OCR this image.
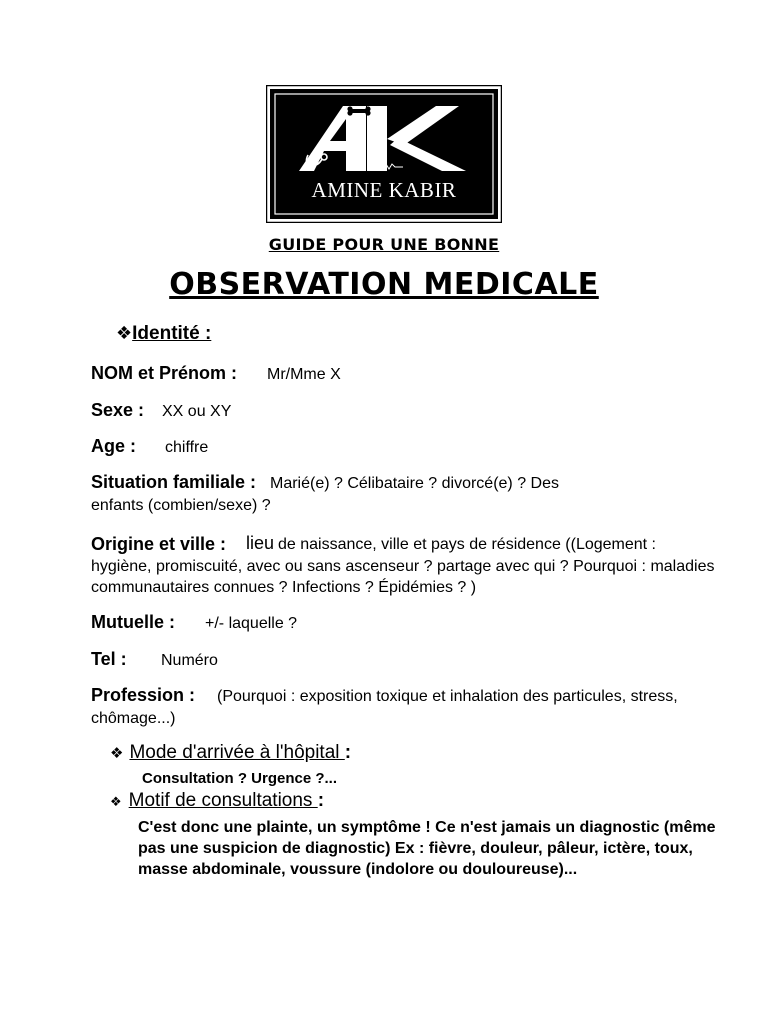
AMINE KABIR
GUIDE POUR UNE BONNE
OBSERVATION MEDICALE
❖Identité :
NOM et Prénom : Mr/Mme X
Sexe : XX ou XY
Age : chiffre
Situation familiale : Marié(e) ? Célibataire ? divorcé(e) ? Des
enfants (combien/sexe) ?
Origine et ville : lieu de naissance, ville et pays de résidence ((Logement :
hygiène, promiscuité, avec ou sans ascenseur ? partage avec qui ? Pourquoi : maladies
communautaires connues ? Infections ? Épidémies ? )
Mutuelle : +/- laquelle ?
Tel : Numéro
Profession : (Pourquoi : exposition toxique et inhalation des particules, stress,
chômage...)
❖ Mode d'arrivée à l'hôpital :
Consultation ? Urgence ?...
❖ Motif de consultations :
C'est donc une plainte, un symptôme ! Ce n'est jamais un diagnostic (même
pas une suspicion de diagnostic) Ex : fièvre, douleur, pâleur, ictère, toux,
masse abdominale, voussure (indolore ou douloureuse)...
